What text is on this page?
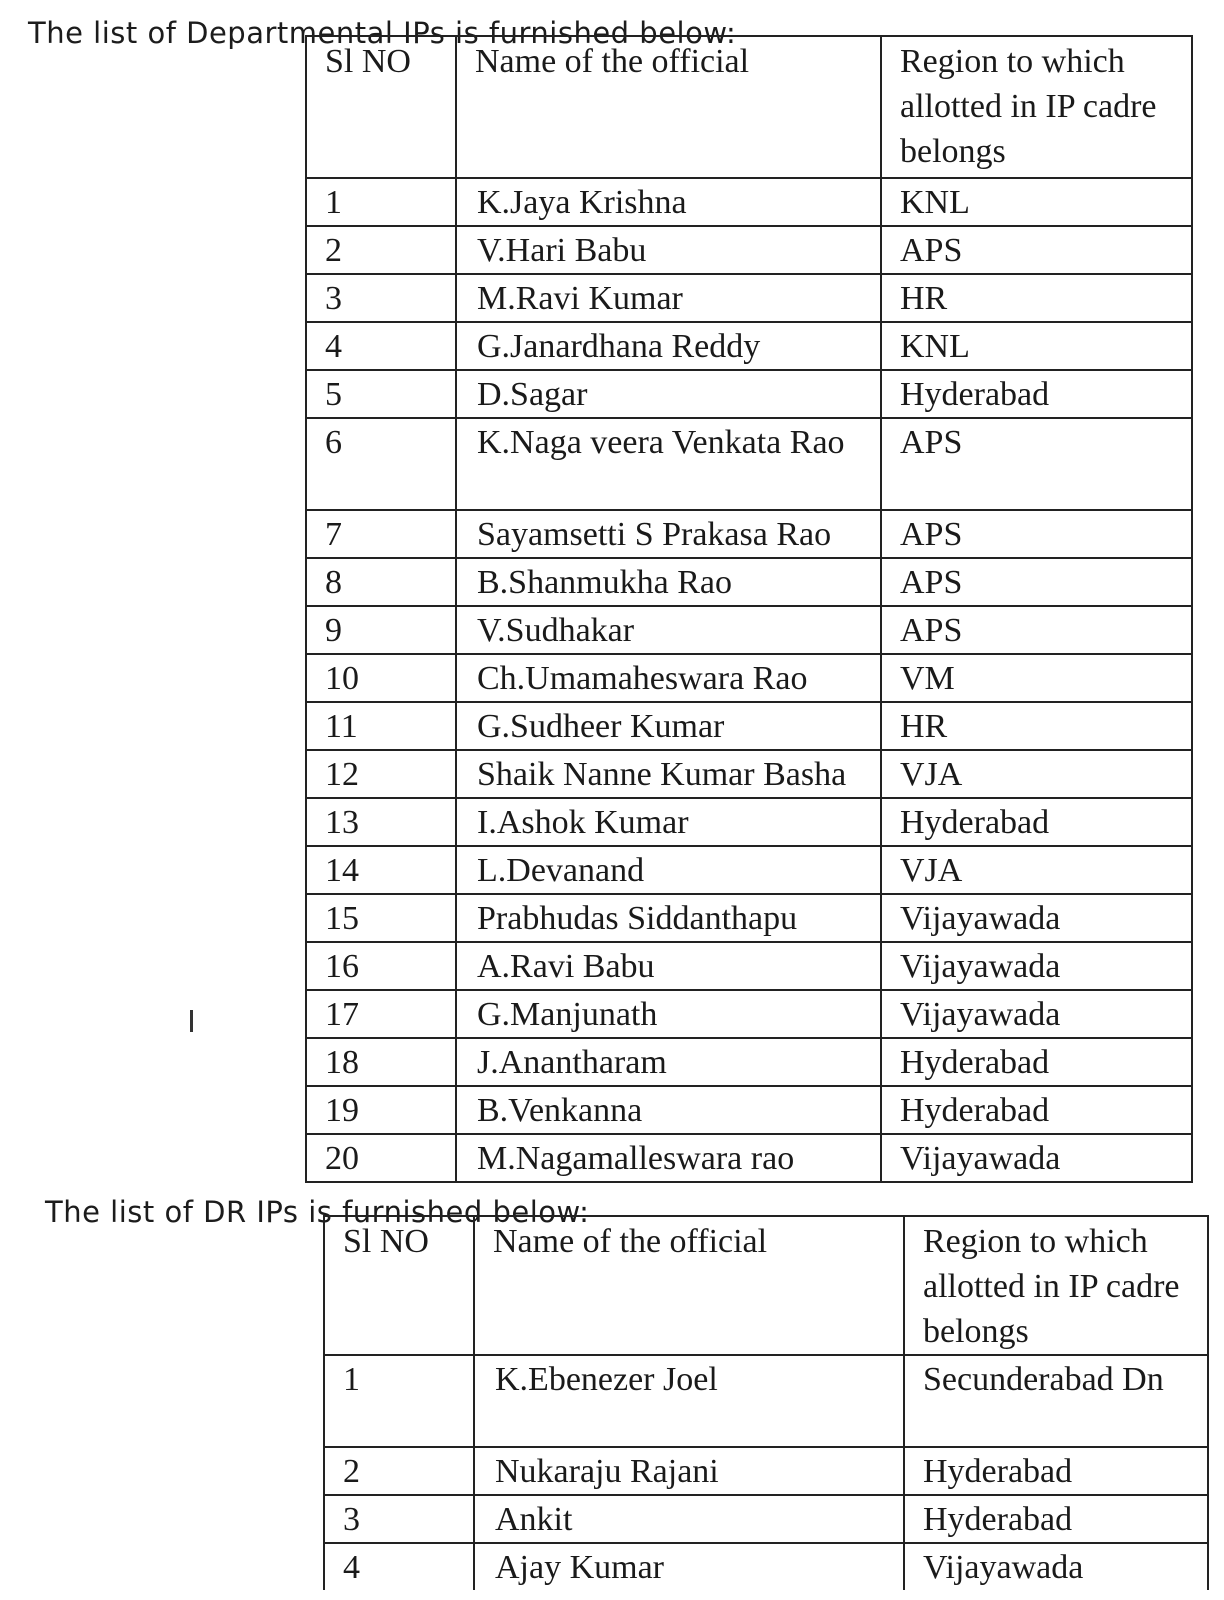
The list of Departmental IPs is furnished below:
Sl NO	Name of the official	Region to which allotted in IP cadre belongs
1	K.Jaya Krishna	KNL
2	V.Hari Babu	APS
3	M.Ravi Kumar	HR
4	G.Janardhana Reddy	KNL
5	D.Sagar	Hyderabad
6	K.Naga veera Venkata Rao	APS
7	Sayamsetti S Prakasa Rao	APS
8	B.Shanmukha Rao	APS
9	V.Sudhakar	APS
10	Ch.Umamaheswara Rao	VM
11	G.Sudheer Kumar	HR
12	Shaik Nanne Kumar Basha	VJA
13	I.Ashok Kumar	Hyderabad
14	L.Devanand	VJA
15	Prabhudas Siddanthapu	Vijayawada
16	A.Ravi Babu	Vijayawada
17	G.Manjunath	Vijayawada
18	J.Anantharam	Hyderabad
19	B.Venkanna	Hyderabad
20	M.Nagamalleswara rao	Vijayawada
The list of DR IPs is furnished below:
Sl NO	Name of the official	Region to which allotted in IP cadre belongs
1	K.Ebenezer Joel	Secunderabad Dn
2	Nukaraju Rajani	Hyderabad
3	Ankit	Hyderabad
4	Ajay Kumar	Vijayawada
